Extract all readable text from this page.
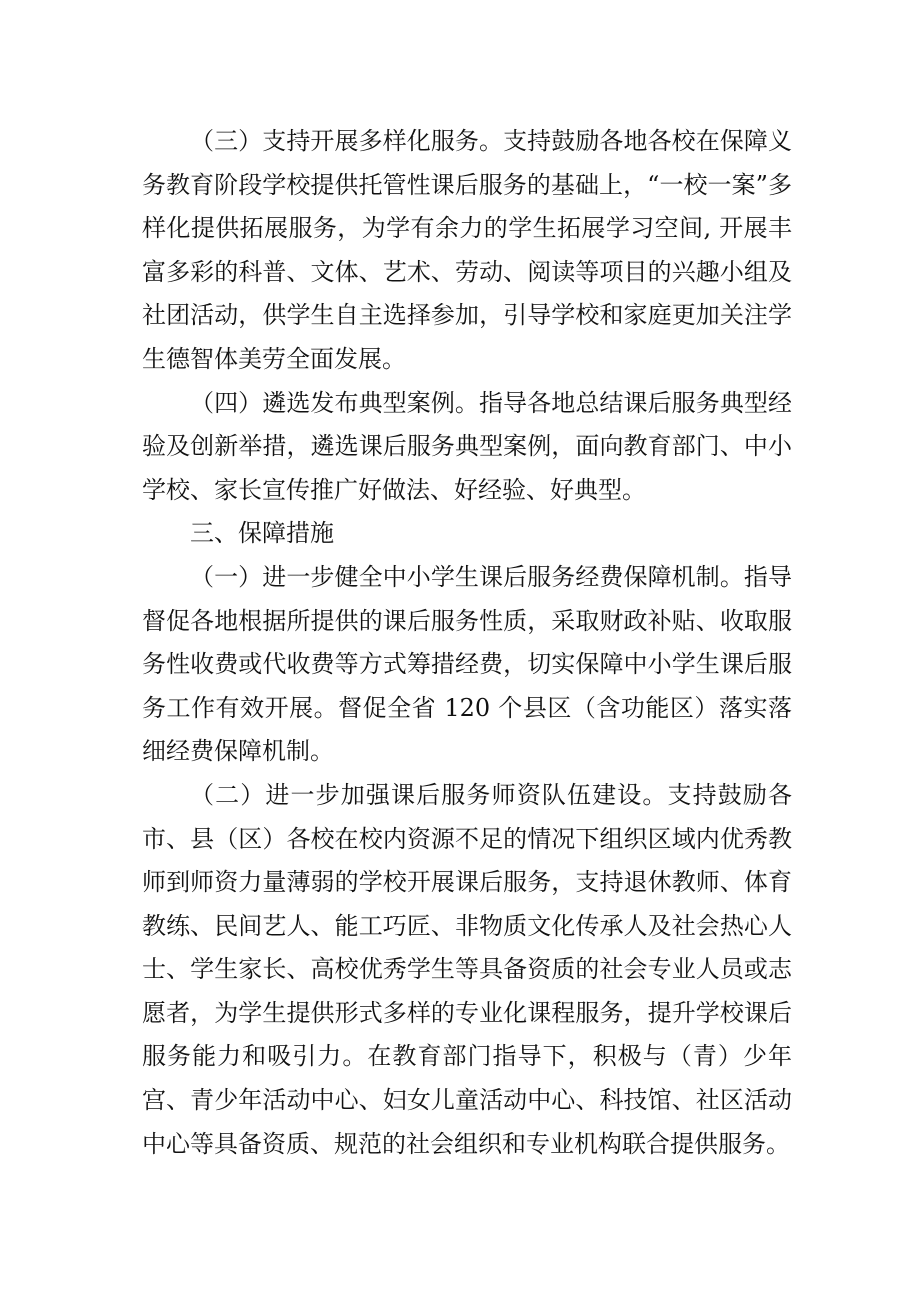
（三）支持开展多样化服务。支持鼓励各地各校在保障义务教育阶段学校提供托管性课后服务的基础上，“一校一案”多样化提供拓展服务，为学有余力的学生拓展学习空间, 开展丰富多彩的科普、文体、艺术、劳动、阅读等项目的兴趣小组及社团活动，供学生自主选择参加，引导学校和家庭更加关注学生德智体美劳全面发展。

（四）遴选发布典型案例。指导各地总结课后服务典型经验及创新举措，遴选课后服务典型案例，面向教育部门、中小学校、家长宣传推广好做法、好经验、好典型。

三、保障措施

（一）进一步健全中小学生课后服务经费保障机制。指导督促各地根据所提供的课后服务性质，采取财政补贴、收取服务性收费或代收费等方式筹措经费，切实保障中小学生课后服务工作有效开展。督促全省 120 个县区（含功能区）落实落细经费保障机制。

（二）进一步加强课后服务师资队伍建设。支持鼓励各市、县（区）各校在校内资源不足的情况下组织区域内优秀教师到师资力量薄弱的学校开展课后服务，支持退休教师、体育教练、民间艺人、能工巧匠、非物质文化传承人及社会热心人士、学生家长、高校优秀学生等具备资质的社会专业人员或志愿者，为学生提供形式多样的专业化课程服务，提升学校课后服务能力和吸引力。在教育部门指导下，积极与（青）少年宫、青少年活动中心、妇女儿童活动中心、科技馆、社区活动中心等具备资质、规范的社会组织和专业机构联合提供服务。
